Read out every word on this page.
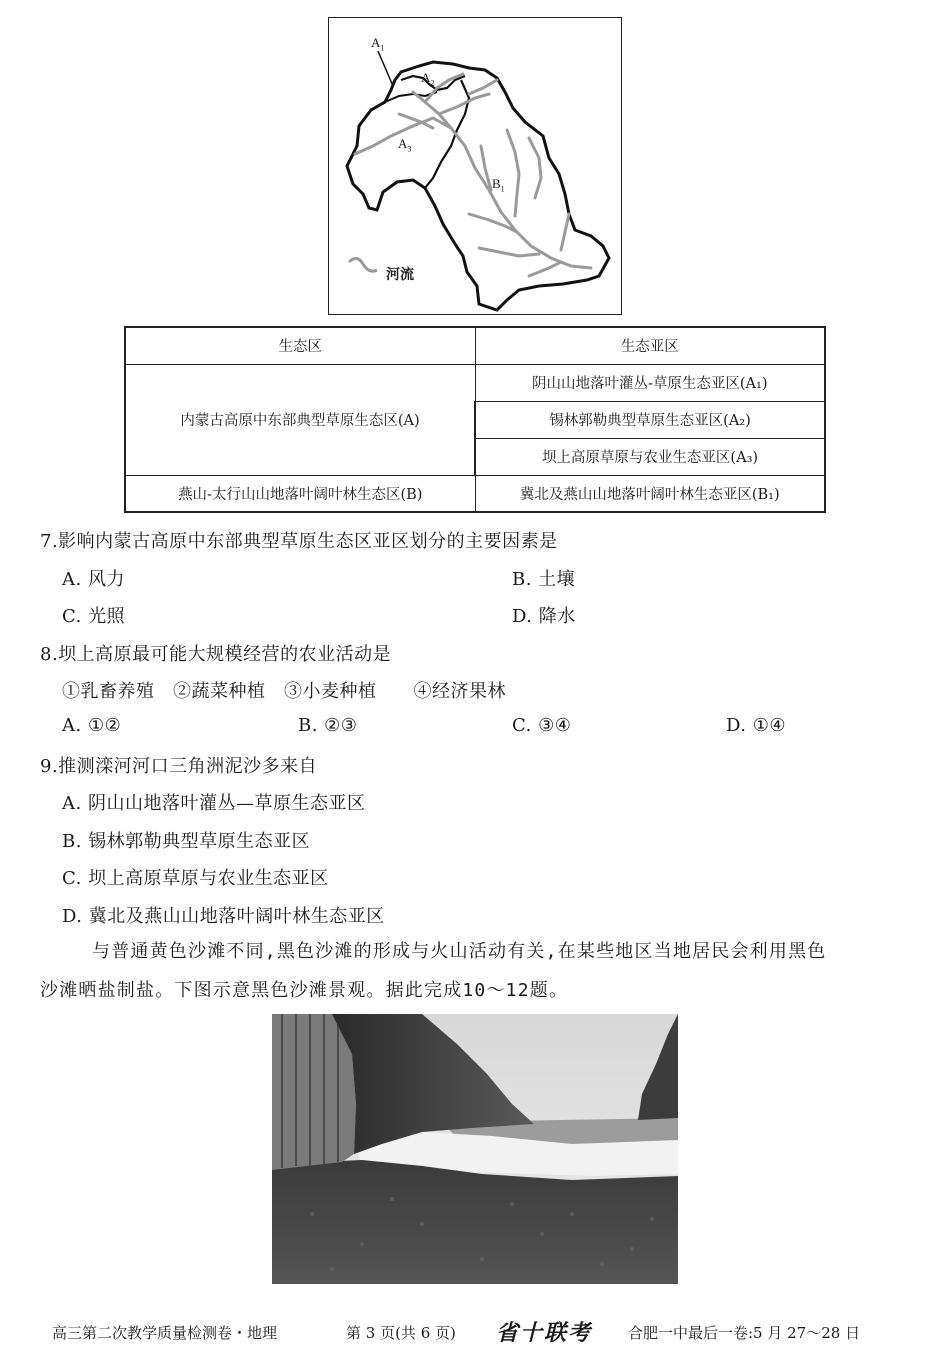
$A_1$
$A_2$
$A_3$
$B_1$
河流
生态区	生态亚区
内蒙古高原中东部典型草原生态区(A)	阴山山地落叶灌丛-草原生态亚区(A₁)
	锡林郭勒典型草原生态亚区(A₂)
	坝上高原草原与农业生态亚区(A₃)
燕山-太行山山地落叶阔叶林生态区(B)	冀北及燕山山地落叶阔叶林生态亚区(B₁)
7.影响内蒙古高原中东部典型草原生态区亚区划分的主要因素是
A. 风力	B. 土壤
C. 光照	D. 降水
8.坝上高原最可能大规模经营的农业活动是
①乳畜养殖　②蔬菜种植　③小麦种植　　④经济果林
A. ①②	B. ②③	C. ③④	D. ①④
9.推测滦河河口三角洲泥沙多来自
A. 阴山山地落叶灌丛—草原生态亚区
B. 锡林郭勒典型草原生态亚区
C. 坝上高原草原与农业生态亚区
D. 冀北及燕山山地落叶阔叶林生态亚区
与普通黄色沙滩不同,黑色沙滩的形成与火山活动有关,在某些地区当地居民会利用黑色
沙滩晒盐制盐。下图示意黑色沙滩景观。据此完成10～12题。
高三第二次教学质量检测卷・地理	第 3 页(共 6 页) 省十联考 合肥一中最后一卷:5 月 27～28 日
